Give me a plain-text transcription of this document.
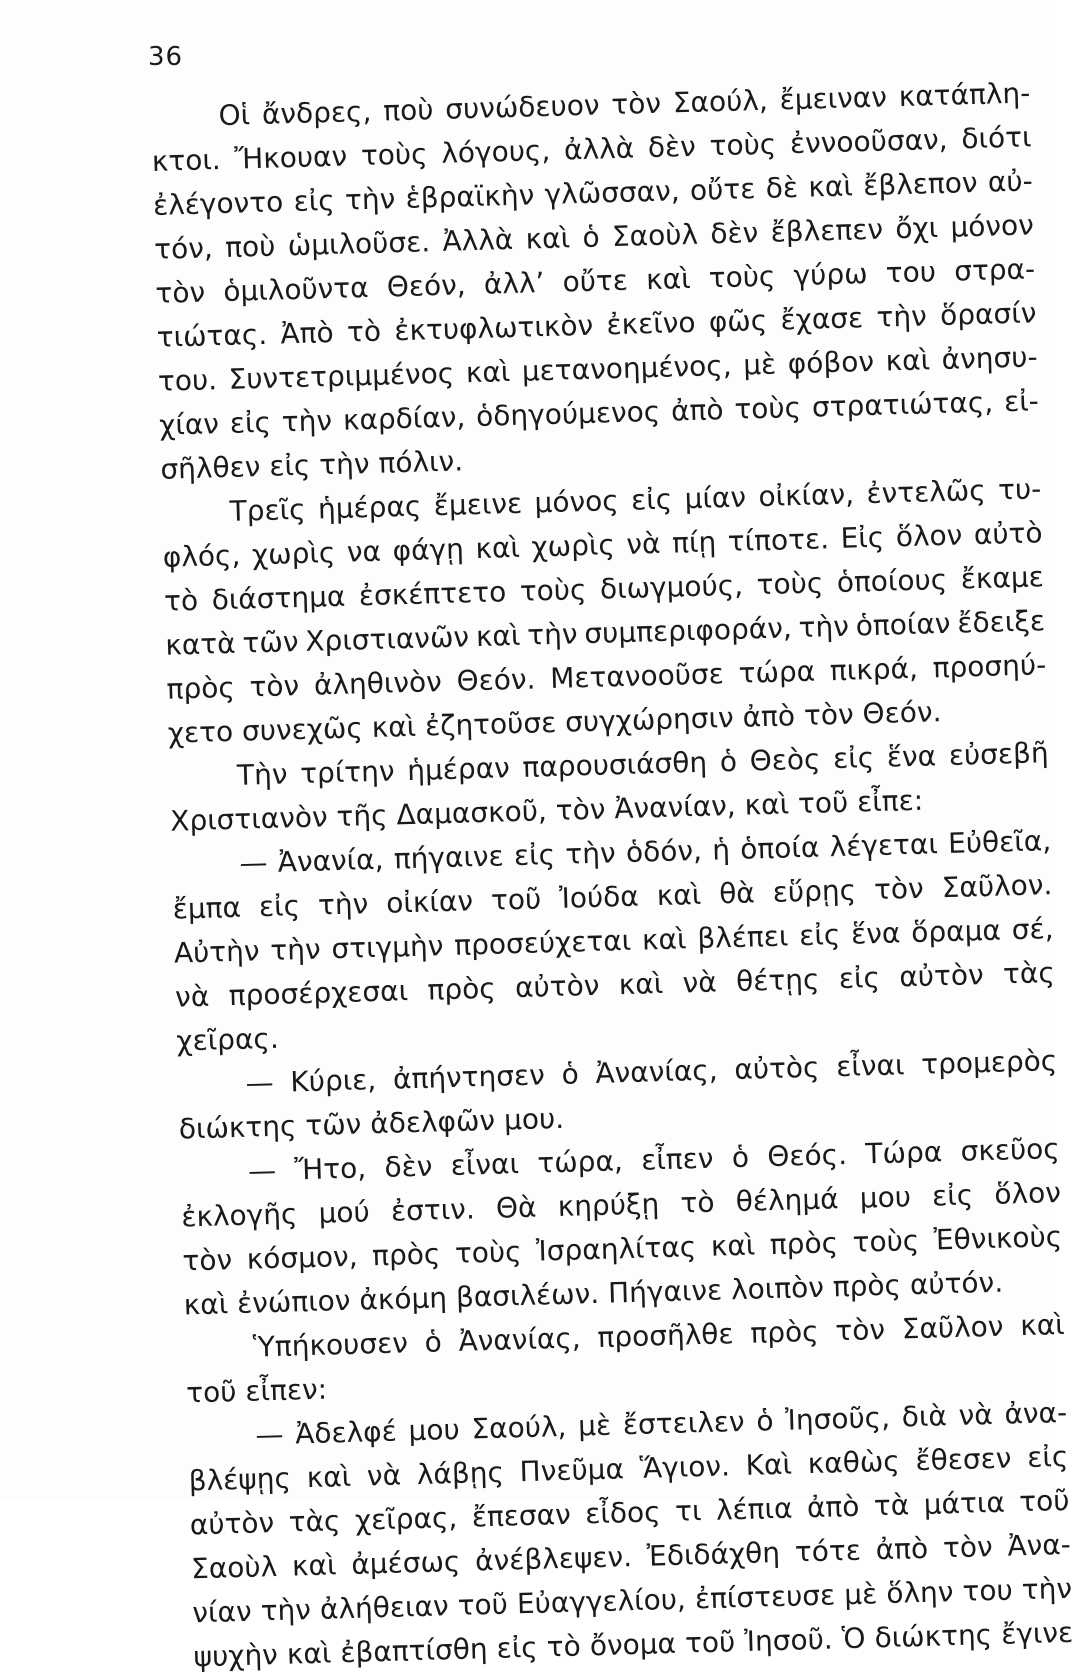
36
Οἱ ἄνδρες, ποὺ συνώδευον τὸν Σαούλ, ἔμειναν κατάπλη-
κτοι. Ἤκουαν τοὺς λόγους, ἀλλὰ δὲν τοὺς ἐννοοῦσαν, διότι
ἐλέγοντο εἰς τὴν ἑβραϊκὴν γλῶσσαν, οὔτε δὲ καὶ ἔβλεπον αὐ-
τόν, ποὺ ὡμιλοῦσε. Ἀλλὰ καὶ ὁ Σαοὺλ δὲν ἔβλεπεν ὄχι μόνον
τὸν ὁμιλοῦντα Θεόν, ἀλλ’ οὔτε καὶ τοὺς γύρω του στρα-
τιώτας. Ἀπὸ τὸ ἐκτυφλωτικὸν ἐκεῖνο φῶς ἔχασε τὴν ὅρασίν
του. Συντετριμμένος καὶ μετανοημένος, μὲ φόβον καὶ ἀνησυ-
χίαν εἰς τὴν καρδίαν, ὁδηγούμενος ἀπὸ τοὺς στρατιώτας, εἰ-
σῆλθεν εἰς τὴν πόλιν.
Τρεῖς ἡμέρας ἔμεινε μόνος εἰς μίαν οἰκίαν, ἐντελῶς τυ-
φλός, χωρὶς να φάγῃ καὶ χωρὶς νὰ πίῃ τίποτε. Εἰς ὅλον αὐτὸ
τὸ διάστημα ἐσκέπτετο τοὺς διωγμούς, τοὺς ὁποίους ἔκαμε
κατὰ τῶν Χριστιανῶν καὶ τὴν συμπεριφοράν, τὴν ὁποίαν ἔδειξε
πρὸς τὸν ἀληθινὸν Θεόν. Μετανοοῦσε τώρα πικρά, προσηύ-
χετο συνεχῶς καὶ ἐζητοῦσε συγχώρησιν ἀπὸ τὸν Θεόν.
Τὴν τρίτην ἡμέραν παρουσιάσθη ὁ Θεὸς εἰς ἕνα εὐσεβῆ
Χριστιανὸν τῆς Δαμασκοῦ, τὸν Ἀνανίαν, καὶ τοῦ εἶπε:
— Ἀνανία, πήγαινε εἰς τὴν ὁδόν, ἡ ὁποία λέγεται Εὐθεῖα,
ἔμπα εἰς τὴν οἰκίαν τοῦ Ἰούδα καὶ θὰ εὕρῃς τὸν Σαῦλον.
Αὐτὴν τὴν στιγμὴν προσεύχεται καὶ βλέπει εἰς ἕνα ὅραμα σέ,
νὰ προσέρχεσαι πρὸς αὐτὸν καὶ νὰ θέτῃς εἰς αὐτὸν τὰς
χεῖρας.
— Κύριε, ἀπήντησεν ὁ Ἀνανίας, αὐτὸς εἶναι τρομερὸς
διώκτης τῶν ἀδελφῶν μου.
— Ἤτο, δὲν εἶναι τώρα, εἶπεν ὁ Θεός. Τώρα σκεῦος
ἐκλογῆς μού ἐστιν. Θὰ κηρύξῃ τὸ θέλημά μου εἰς ὅλον
τὸν κόσμον, πρὸς τοὺς Ἰσραηλίτας καὶ πρὸς τοὺς Ἐθνικοὺς
καὶ ἐνώπιον ἀκόμη βασιλέων. Πήγαινε λοιπὸν πρὸς αὐτόν.
Ὑπήκουσεν ὁ Ἀνανίας, προσῆλθε πρὸς τὸν Σαῦλον καὶ
τοῦ εἶπεν:
— Ἀδελφέ μου Σαούλ, μὲ ἔστειλεν ὁ Ἰησοῦς, διὰ νὰ ἀνα-
βλέψῃς καὶ νὰ λάβῃς Πνεῦμα Ἅγιον. Καὶ καθὼς ἔθεσεν εἰς
αὐτὸν τὰς χεῖρας, ἔπεσαν εἶδος τι λέπια ἀπὸ τὰ μάτια τοῦ
Σαοὺλ καὶ ἀμέσως ἀνέβλεψεν. Ἐδιδάχθη τότε ἀπὸ τὸν Ἀνα-
νίαν τὴν ἀλήθειαν τοῦ Εὐαγγελίου, ἐπίστευσε μὲ ὅλην του τὴν
ψυχὴν καὶ ἐβαπτίσθη εἰς τὸ ὄνομα τοῦ Ἰησοῦ. Ὁ διώκτης ἔγινε
